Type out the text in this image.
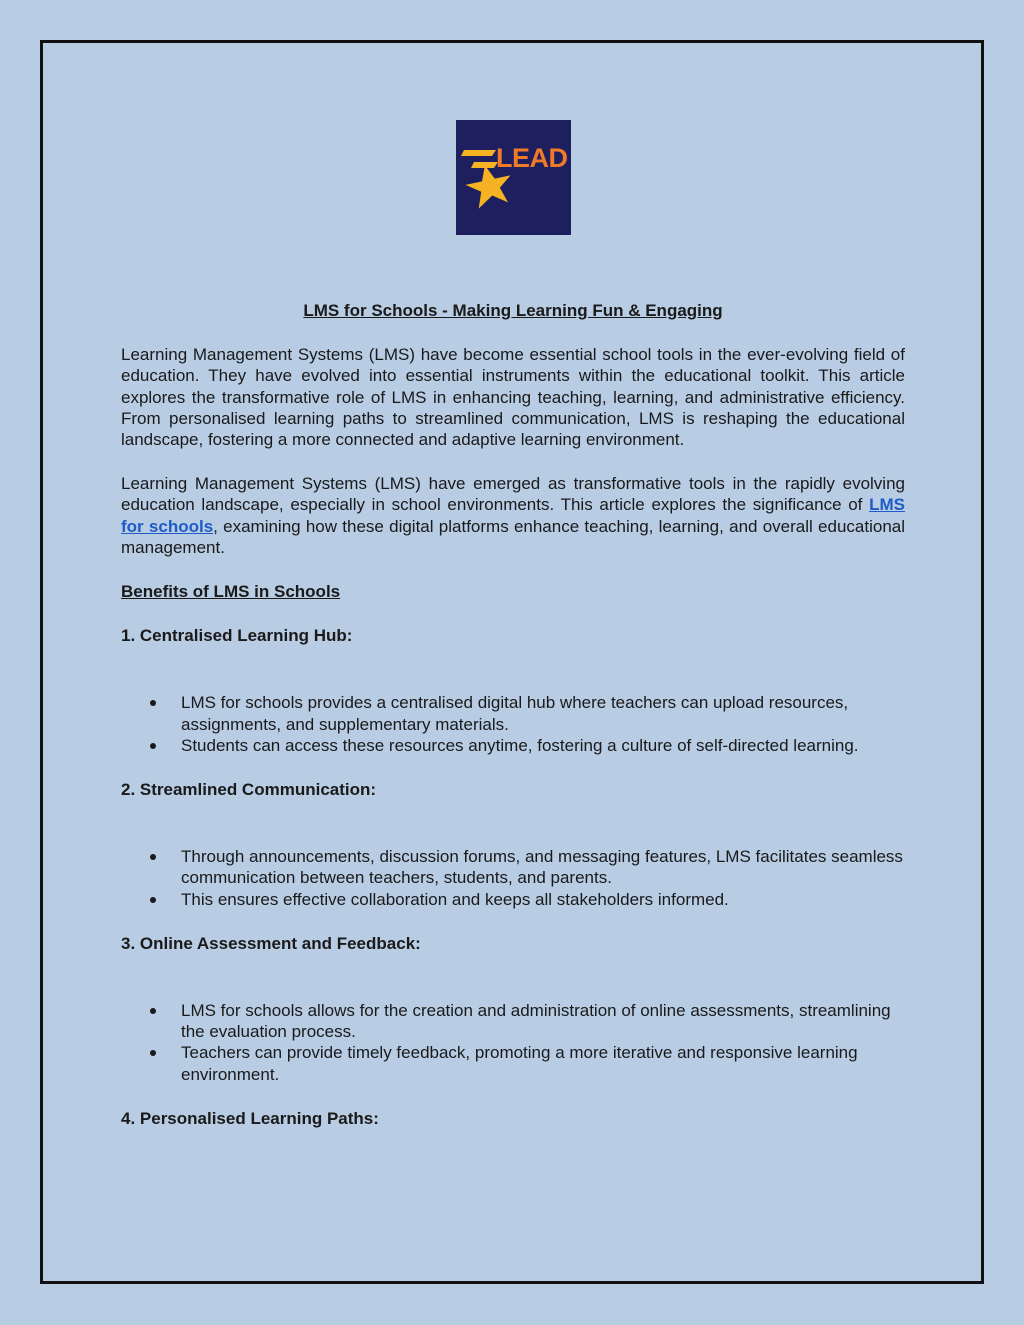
LEAD
LMS for Schools - Making Learning Fun & Engaging

Learning Management Systems (LMS) have become essential school tools in the ever-evolving field of education. They have evolved into essential instruments within the educational toolkit. This article explores the transformative role of LMS in enhancing teaching, learning, and administrative efficiency. From personalised learning paths to streamlined communication, LMS is reshaping the educational landscape, fostering a more connected and adaptive learning environment.

Learning Management Systems (LMS) have emerged as transformative tools in the rapidly evolving education landscape, especially in school environments. This article explores the significance of LMS for schools, examining how these digital platforms enhance teaching, learning, and overall educational management.

Benefits of LMS in Schools
1. Centralised Learning Hub:
LMS for schools provides a centralised digital hub where teachers can upload resources, assignments, and supplementary materials.
Students can access these resources anytime, fostering a culture of self-directed learning.
2. Streamlined Communication:
Through announcements, discussion forums, and messaging features, LMS facilitates seamless communication between teachers, students, and parents.
This ensures effective collaboration and keeps all stakeholders informed.
3. Online Assessment and Feedback:
LMS for schools allows for the creation and administration of online assessments, streamlining the evaluation process.
Teachers can provide timely feedback, promoting a more iterative and responsive learning environment.
4. Personalised Learning Paths:
